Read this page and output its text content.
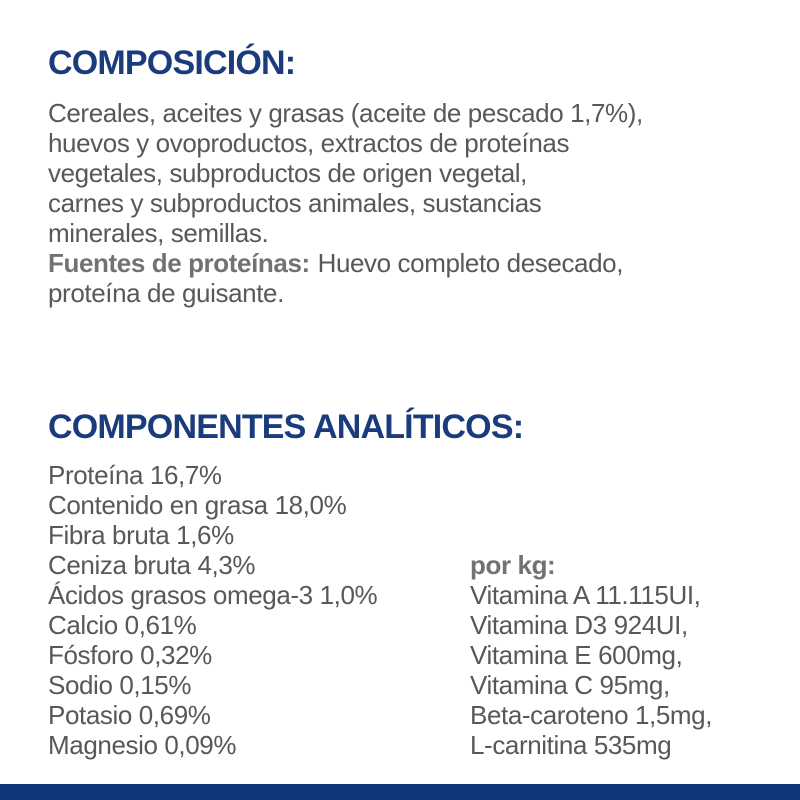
COMPOSICIÓN:
Cereales, aceites y grasas (aceite de pescado 1,7%),
huevos y ovoproductos, extractos de proteínas
vegetales, subproductos de origen vegetal,
carnes y subproductos animales, sustancias
minerales, semillas.
Fuentes de proteínas: Huevo completo desecado,
proteína de guisante.
COMPONENTES ANALÍTICOS:
Proteína 16,7%
Contenido en grasa 18,0%
Fibra bruta 1,6%
Ceniza bruta 4,3%
Ácidos grasos omega-3 1,0%
Calcio 0,61%
Fósforo 0,32%
Sodio 0,15%
Potasio 0,69%
Magnesio 0,09%
por kg:
Vitamina A 11.115UI,
Vitamina D3 924UI,
Vitamina E 600mg,
Vitamina C 95mg,
Beta-caroteno 1,5mg,
L-carnitina 535mg
